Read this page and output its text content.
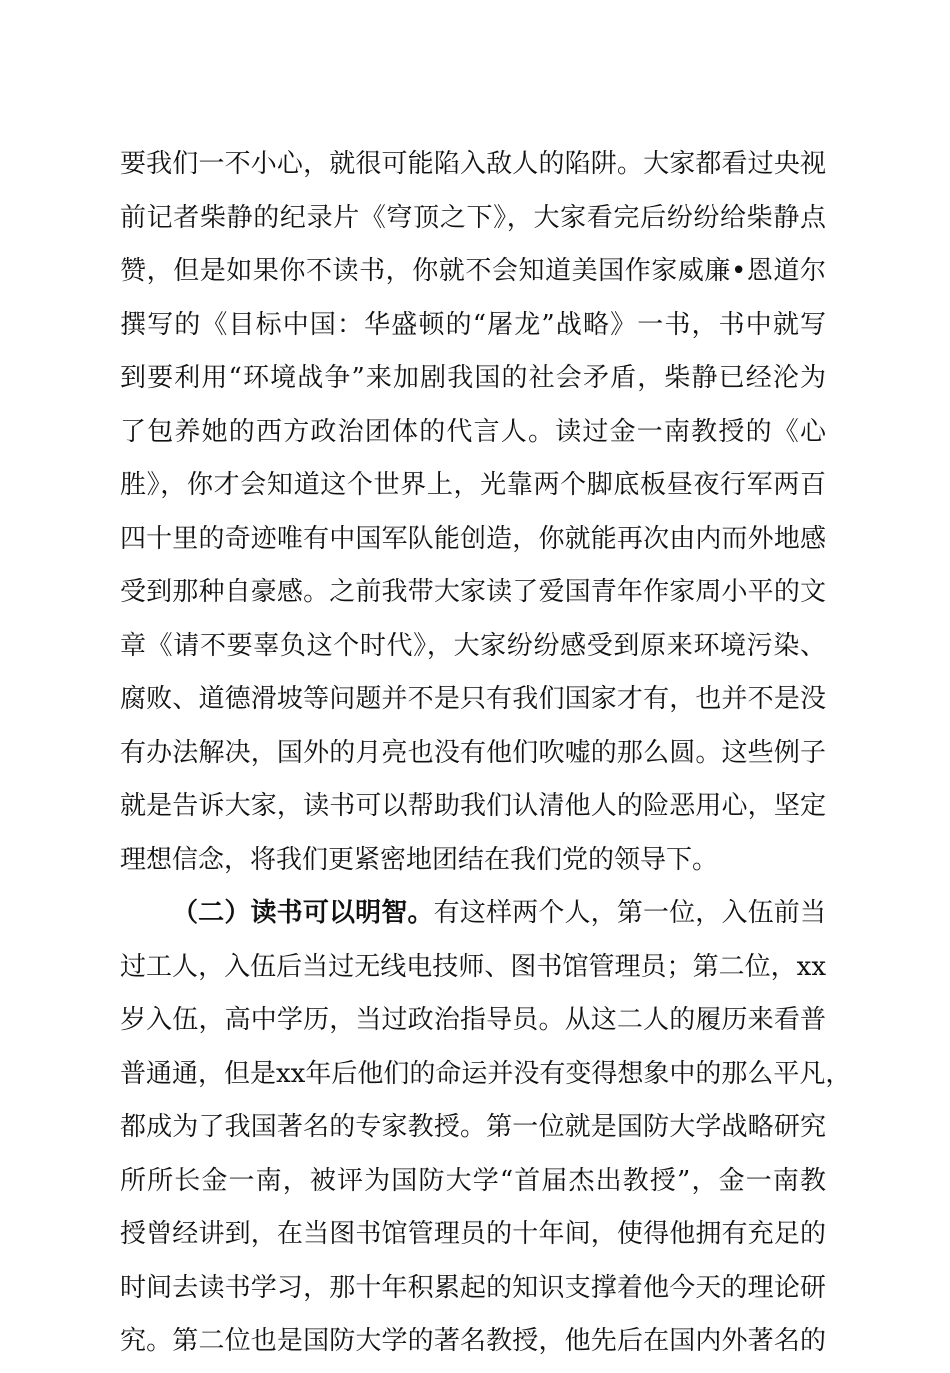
要我们一不小心，就很可能陷入敌人的陷阱。大家都看过央视
前记者柴静的纪录片《穹顶之下》，大家看完后纷纷给柴静点
赞，但是如果你不读书，你就不会知道美国作家威廉•恩道尔
撰写的《目标中国：华盛顿的“屠龙”战略》一书，书中就写
到要利用“环境战争”来加剧我国的社会矛盾，柴静已经沦为
了包养她的西方政治团体的代言人。读过金一南教授的《心
胜》，你才会知道这个世界上，光靠两个脚底板昼夜行军两百
四十里的奇迹唯有中国军队能创造，你就能再次由内而外地感
受到那种自豪感。之前我带大家读了爱国青年作家周小平的文
章《请不要辜负这个时代》，大家纷纷感受到原来环境污染、
腐败、道德滑坡等问题并不是只有我们国家才有，也并不是没
有办法解决，国外的月亮也没有他们吹嘘的那么圆。这些例子
就是告诉大家，读书可以帮助我们认清他人的险恶用心，坚定
理想信念，将我们更紧密地团结在我们党的领导下。
（二）读书可以明智。有这样两个人，第一位，入伍前当
过工人，入伍后当过无线电技师、图书馆管理员；第二位，xx
岁入伍，高中学历，当过政治指导员。从这二人的履历来看普
普通通，但是xx年后他们的命运并没有变得想象中的那么平凡，
都成为了我国著名的专家教授。第一位就是国防大学战略研究
所所长金一南，被评为国防大学“首届杰出教授”，金一南教
授曾经讲到，在当图书馆管理员的十年间，使得他拥有充足的
时间去读书学习，那十年积累起的知识支撑着他今天的理论研
究。第二位也是国防大学的著名教授，他先后在国内外著名的
